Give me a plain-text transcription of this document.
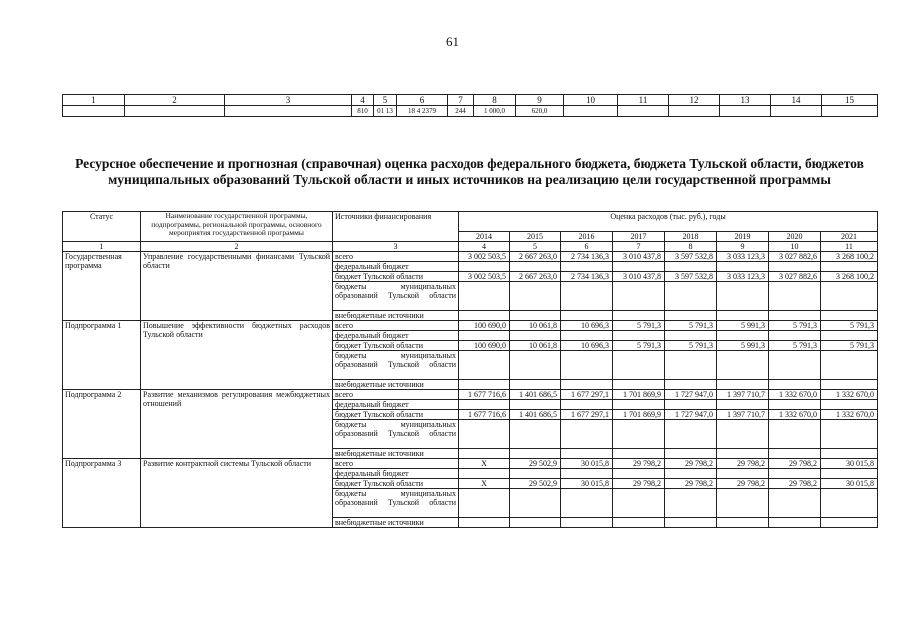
61
1	2	3	4	5	6	7	8	9	10	11	12	13	14	15
			810	01 13	18 4 2379	244	1 000,0	620,0						
Ресурсное обеспечение и прогнозная (справочная) оценка расходов федерального бюджета, бюджета Тульской области, бюджетов муниципальных образований Тульской области и иных источников на реализацию цели государственной программы
Статус	Наименование государственной программы, подпрограммы, региональной программы, основного мероприятия государственной программы	Источники финансирования	Оценка расходов (тыс. руб.), годы							
			2014	2015	2016	2017	2018	2019	2020	2021
1	2	3	4	5	6	7	8	9	10	11
Государственная программа	Управление государственными финансами Тульской области	всего	3 002 503,5	2 667 263,0	2 734 136,3	3 010 437,8	3 597 532,8	3 033 123,3	3 027 882,6	3 268 100,2

		федеральный бюджет								

		бюджет Тульской области	3 002 503,5	2 667 263,0	2 734 136,3	3 010 437,8	3 597 532,8	3 033 123,3	3 027 882,6	3 268 100,2

		бюджеты муниципальных образований Тульской области								

		внебюджетные источники								

Подпрограмма 1	Повышение эффективности бюджетных расходов Тульской области	всего	100 690,0	10 061,8	10 696,3	5 791,3	5 791,3	5 991,3	5 791,3	5 791,3

		федеральный бюджет								

		бюджет Тульской области	100 690,0	10 061,8	10 696,3	5 791,3	5 791,3	5 991,3	5 791,3	5 791,3

		бюджеты муниципальных образований Тульской области								

		внебюджетные источники								

Подпрограмма 2	Развитие механизмов регулирования межбюджетных отношений	всего	1 677 716,6	1 401 686,5	1 677 297,1	1 701 869,9	1 727 947,0	1 397 710,7	1 332 670,0	1 332 670,0

		федеральный бюджет								

		бюджет Тульской области	1 677 716,6	1 401 686,5	1 677 297,1	1 701 869,9	1 727 947,0	1 397 710,7	1 332 670,0	1 332 670,0

		бюджеты муниципальных образований Тульской области								

		внебюджетные источники								

Подпрограмма 3	Развитие контрактной системы Тульской области	всего	Х	29 502,9	30 015,8	29 798,2	29 798,2	29 798,2	29 798,2	30 015,8

		федеральный бюджет								

		бюджет Тульской области	Х	29 502,9	30 015,8	29 798,2	29 798,2	29 798,2	29 798,2	30 015,8

		бюджеты муниципальных образований Тульской области								

		внебюджетные источники								
